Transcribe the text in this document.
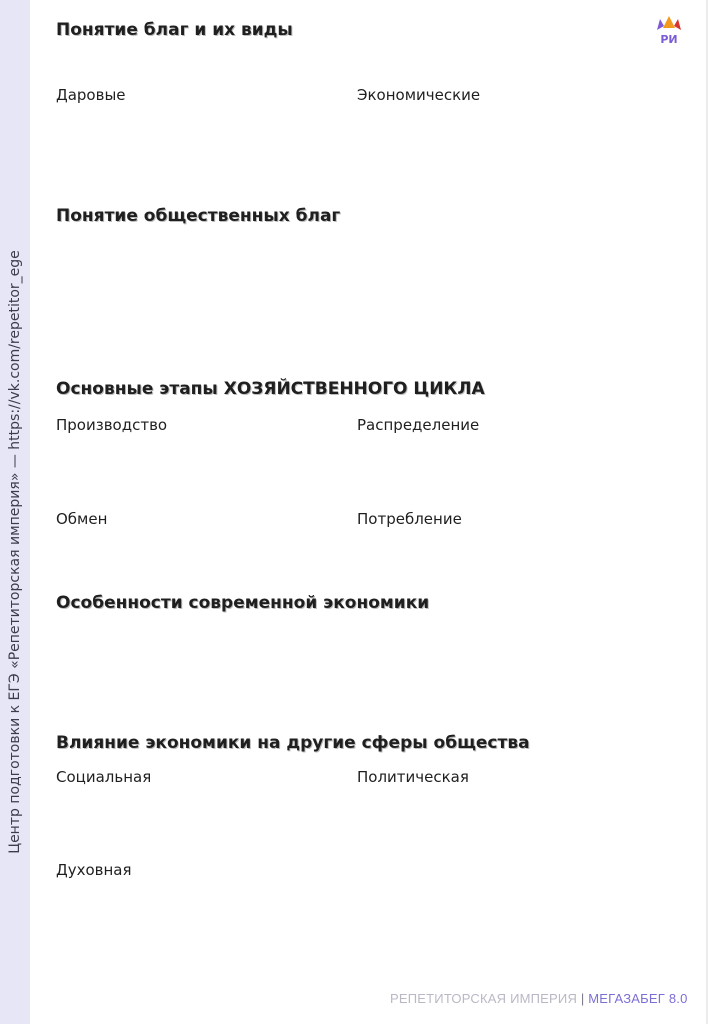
Центр подготовки к ЕГЭ «Репетиторская империя» — https://vk.com/repetitor_ege
РИ
Понятие благ и их виды
Даровые	Экономические
Понятие общественных благ
Основные этапы ХОЗЯЙСТВЕННОГО ЦИКЛА
Производство	Распределение
Обмен	Потребление
Особенности современной экономики
Влияние экономики на другие сферы общества
Социальная	Политическая
Духовная
РЕПЕТИТОРСКАЯ ИМПЕРИЯ | МЕГАЗАБЕГ 8.0
